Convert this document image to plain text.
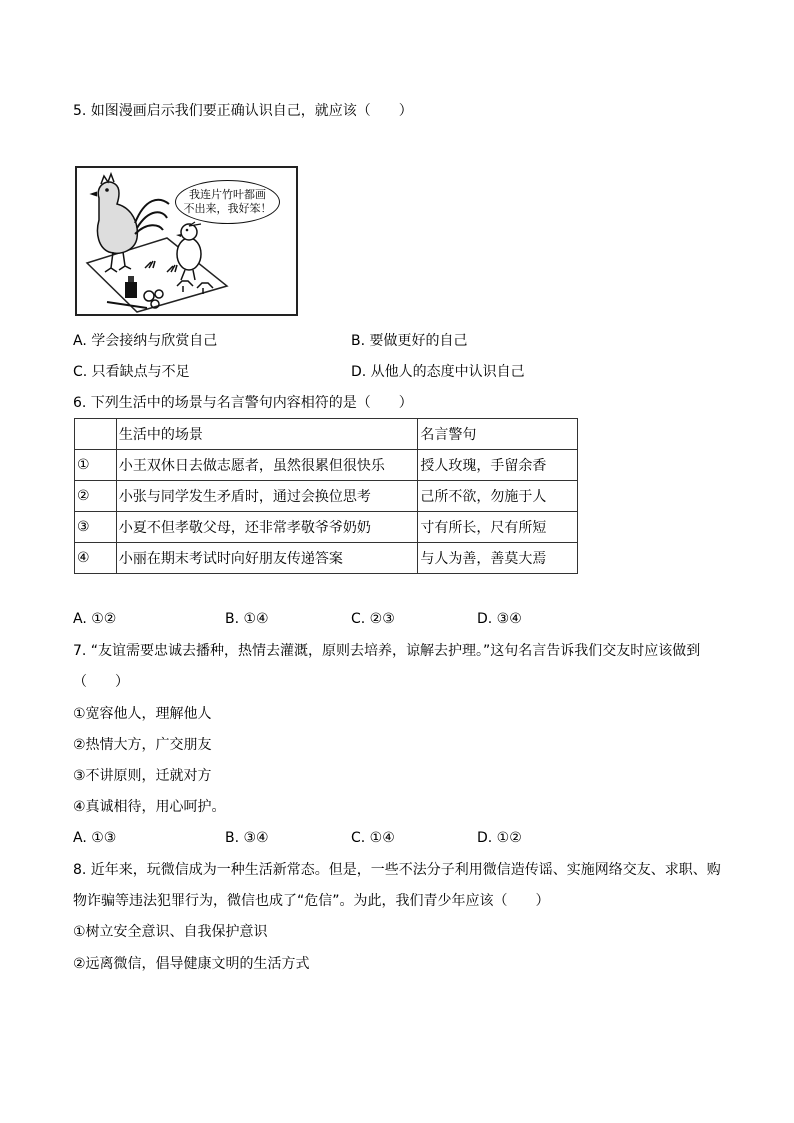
5. 如图漫画启示我们要正确认识自己，就应该（　　）
我连片竹叶都画
不出来，我好笨！
A. 学会接纳与欣赏自己	B. 要做更好的自己
C. 只看缺点与不足	D. 从他人的态度中认识自己
6. 下列生活中的场景与名言警句内容相符的是（　　）
	生活中的场景	名言警句
①	小王双休日去做志愿者，虽然很累但很快乐	授人玫瑰，手留余香
②	小张与同学发生矛盾时，通过会换位思考	己所不欲，勿施于人
③	小夏不但孝敬父母，还非常孝敬爷爷奶奶	寸有所长，尺有所短
④	小丽在期末考试时向好朋友传递答案	与人为善，善莫大焉
A. ①②	B. ①④	C. ②③	D. ③④
7. “友谊需要忠诚去播种，热情去灌溉，原则去培养，谅解去护理。”这句名言告诉我们交友时应该做到
（　　）
①宽容他人，理解他人
②热情大方，广交朋友
③不讲原则，迁就对方
④真诚相待，用心呵护。
A. ①③	B. ③④	C. ①④	D. ①②
8. 近年来，玩微信成为一种生活新常态。但是，一些不法分子利用微信造传谣、实施网络交友、求职、购
物诈骗等违法犯罪行为，微信也成了“危信”。为此，我们青少年应该（　　）
①树立安全意识、自我保护意识
②远离微信，倡导健康文明的生活方式
